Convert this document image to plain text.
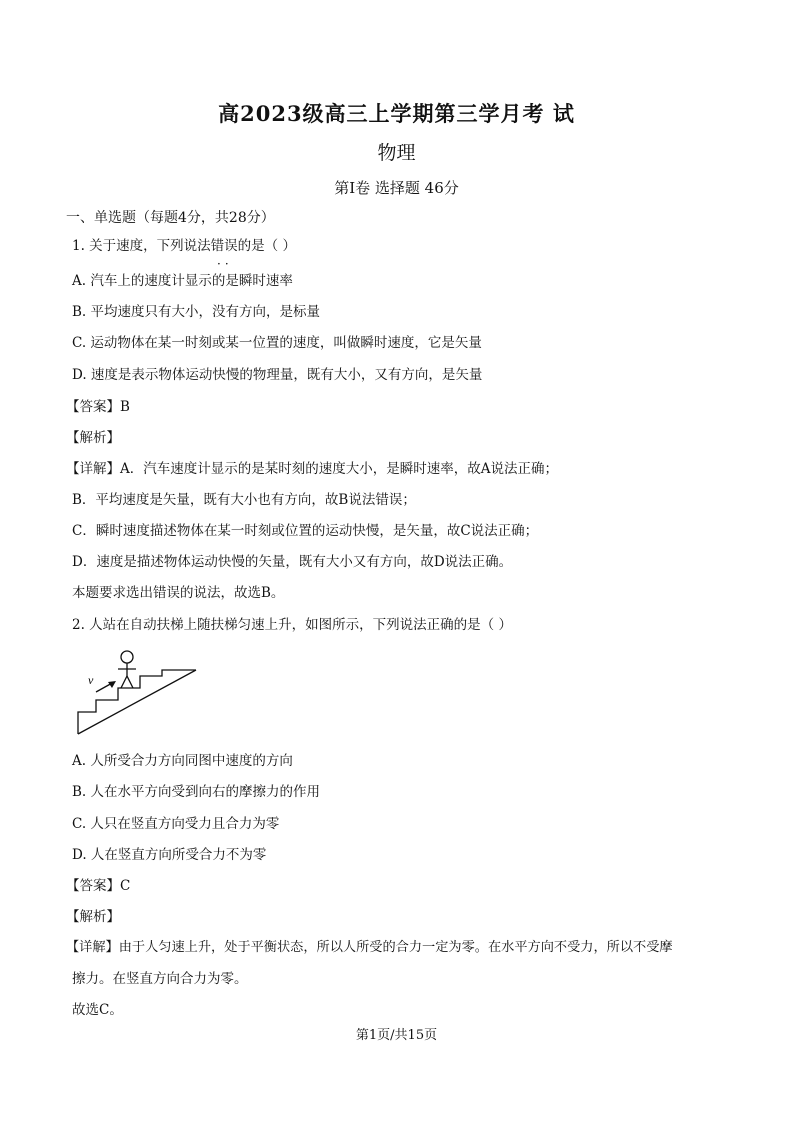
高2023级高三上学期第三学月考 试
物理
第I卷 选择题 46分
一、单选题（每题4分，共28分）
1. 关于速度，下列说法错误的是（ ）
··
A. 汽车上的速度计显示的是瞬时速率
B. 平均速度只有大小，没有方向，是标量
C. 运动物体在某一时刻或某一位置的速度，叫做瞬时速度，它是矢量
D. 速度是表示物体运动快慢的物理量，既有大小，又有方向，是矢量
【答案】B
【解析】
【详解】A．汽车速度计显示的是某时刻的速度大小，是瞬时速率，故A说法正确；
B．平均速度是矢量，既有大小也有方向，故B说法错误；
C．瞬时速度描述物体在某一时刻或位置的运动快慢，是矢量，故C说法正确；
D．速度是描述物体运动快慢的矢量，既有大小又有方向，故D说法正确。
本题要求选出错误的说法，故选B。
2. 人站在自动扶梯上随扶梯匀速上升，如图所示，下列说法正确的是（ ）
v
A. 人所受合力方向同图中速度的方向
B. 人在水平方向受到向右的摩擦力的作用
C. 人只在竖直方向受力且合力为零
D. 人在竖直方向所受合力不为零
【答案】C
【解析】
【详解】由于人匀速上升，处于平衡状态，所以人所受的合力一定为零。在水平方向不受力，所以不受摩
擦力。在竖直方向合力为零。
故选C。
第1页/共15页
